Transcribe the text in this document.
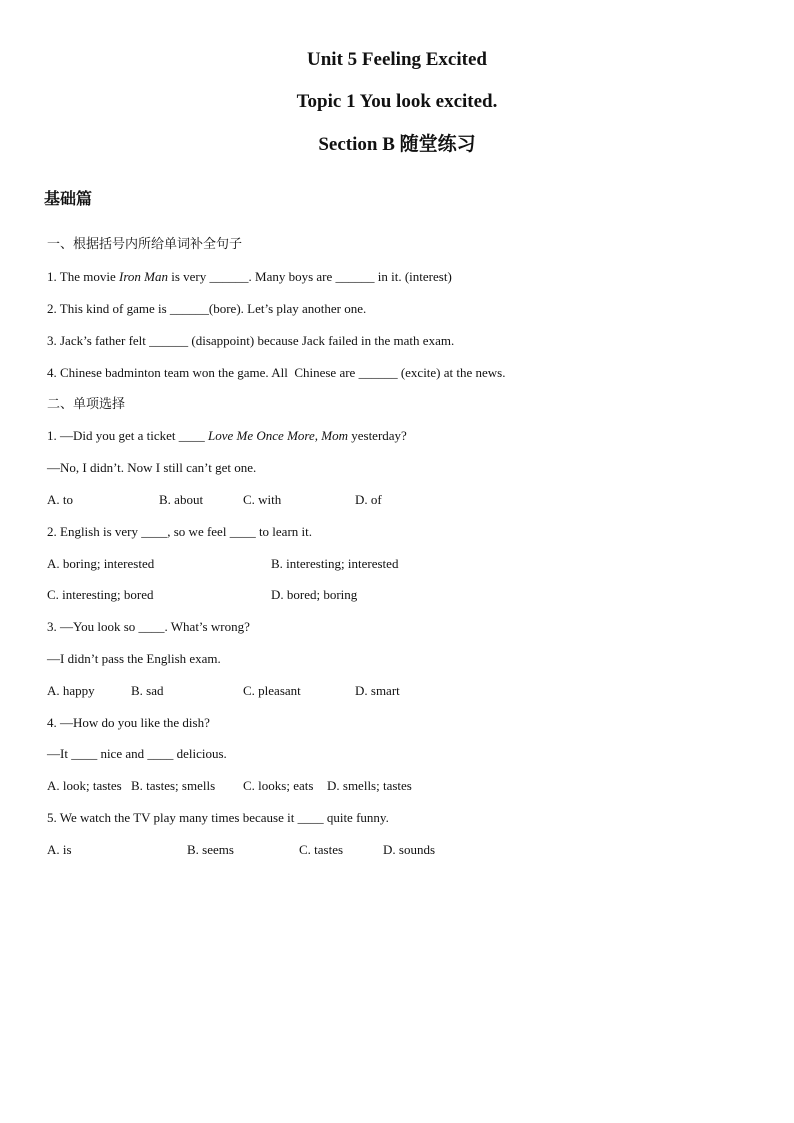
Unit 5 Feeling Excited
Topic 1 You look excited.
Section B 随堂练习
基础篇
一、根据括号内所给单词补全句子
1. The movie Iron Man is very ______. Many boys are ______ in it. (interest)
2. This kind of game is ______(bore). Let’s play another one.
3. Jack’s father felt ______ (disappoint) because Jack failed in the math exam.
4. Chinese badminton team won the game. All  Chinese are ______ (excite) at the news.
二、单项选择
1. —Did you get a ticket ____ Love Me Once More, Mom yesterday?
—No, I didn’t. Now I still can’t get one.
A. to	B. about	C. with	D. of
2. English is very ____, so we feel ____ to learn it.
A. boring; interested	B. interesting; interested
C. interesting; bored	D. bored; boring
3. —You look so ____. What’s wrong?
—I didn’t pass the English exam.
A. happy	B. sad	C. pleasant	D. smart
4. —How do you like the dish?
—It ____ nice and ____ delicious.
A. look; tastes B. tastes; smells C. looks; eats D. smells; tastes
5. We watch the TV play many times because it ____ quite funny.
A. is	B. seems	C. tastes	D. sounds
